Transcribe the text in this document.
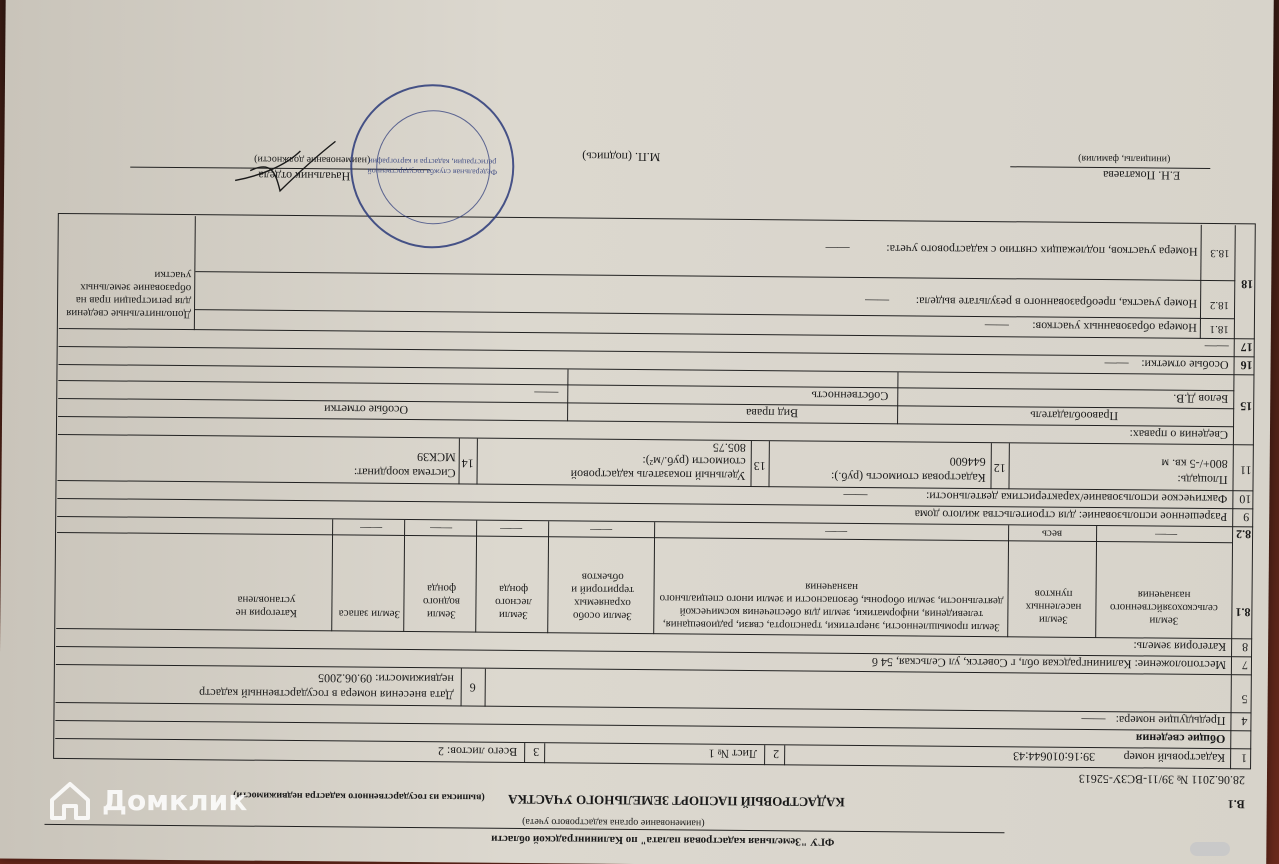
ФГУ "Земельная кадастровая палата" по Калининградской области
(наименование органа кадастрового учета)
В.1
КАДАСТРОВЫЙ ПАСПОРТ ЗЕМЕЛЬНОГО УЧАСТКА
(выписка из государственного кадастра недвижимости)
28.06.2011 № 39/11-ВСЗУ-52613
1
Кадастровый номер
39:16:010644:43
2
Лист № 1
3
Всего листов: 2
Общие сведения
4
Предыдущие номера:
——
5
6
Дата внесения номера в государственный кадастр
недвижимости: 09.06.2005
7
Местоположение: Калининградская обл, г Советск, ул Сельская, 54 б
8
Категория земель:
8.1
Земли сельскохозяйственного назначения
Земли населенных пунктов
Земли промышленности, энергетики, транспорта, связи, радиовещания, телевидения, информатики, земли для обеспечения космической деятельности, земли обороны, безопасности и земли иного специального назначения
Земли особо охраняемых территорий и объектов
Земли лесного фонда
Земли водного фонда
Земли запаса
Категория не установлена
8.2
——
весь
——
——
——
——
——
9
Разрешенное использование: для строительства жилого дома
10
Фактическое использование/характеристика деятельности:
——
11
Площадь:
800+/-5 кв. м
12
Кадастровая стоимость (руб.):
644600
13
Удельный показатель кадастровой
стоимости (руб./м²):
805.75
14
Система координат:
МСК39
15
Сведения о правах:
Правообладатель
Вид права
Особые отметки
Белов Д.В.
Собственность
——
16
Особые отметки:
——
17
——
18
18.1
Номера образованных участков:
——
18.2
Номер участка, преобразованного в результате выдела:
——
18.3
Номера участков, подлежащих снятию с кадастрового учета:
——
Дополнительные сведения для регистрации прав на образование земельных участки
Е.Н. Покатаева
(инициалы, фамилия)
М.П. (подпись)
Начальник отдела
(наименование должности)
Федеральная служба государственной регистрации, кадастра и картографии
Домклик
